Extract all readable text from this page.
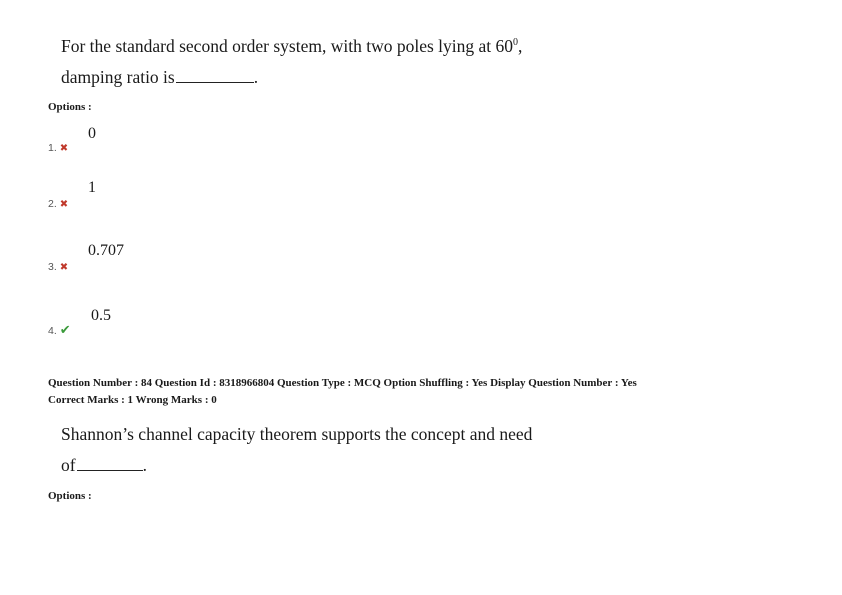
For the standard second order system, with two poles lying at $60^0$,
damping ratio is	.
Options :
0
1. ✖
1
2. ✖
0.707
3. ✖
0.5
4. ✔
Question Number : 84 Question Id : 8318966804 Question Type : MCQ Option Shuffling : Yes Display Question Number : Yes
Correct Marks : 1 Wrong Marks : 0
Shannon’s channel capacity theorem supports the concept and need
of	.
Options :
